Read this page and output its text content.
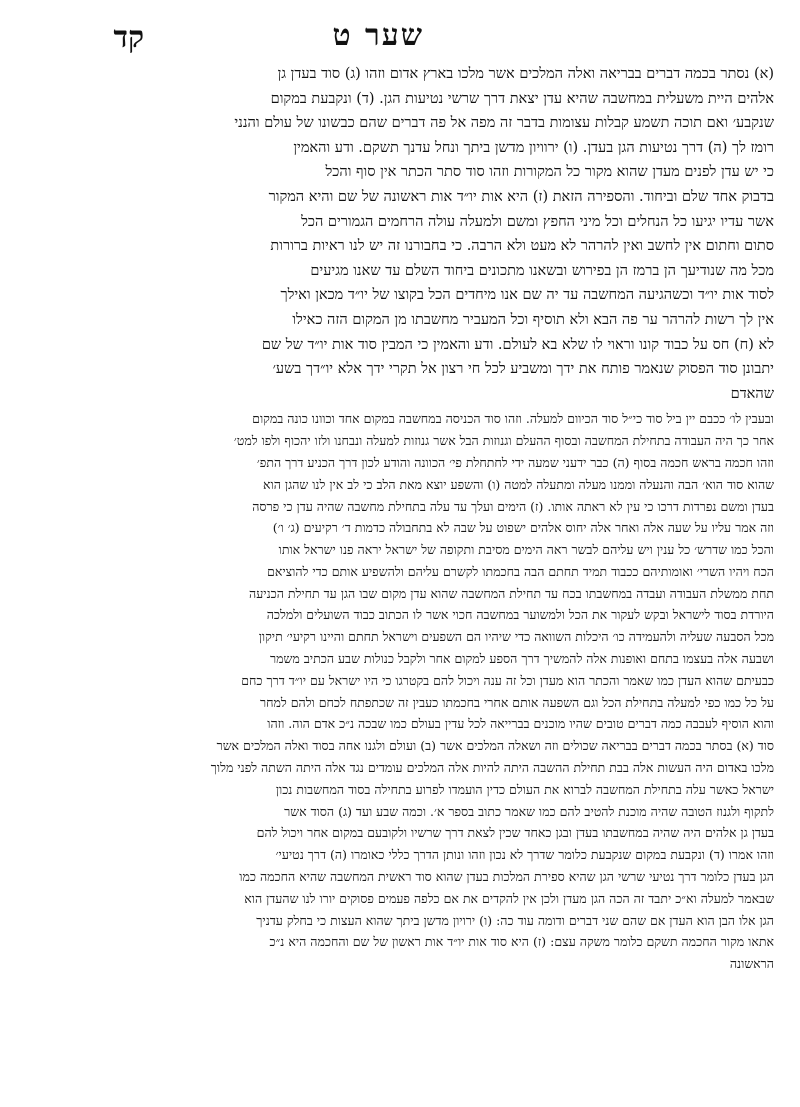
שער ט
קד

(א) נסתר בכמה דברים בבריאה ואלה המלכים אשר מלכו בארץ אדום וזהו (ג) סוד בעדן גן

אלהים היית משעלית במחשבה שהיא עדן יצאת דרך שרשי נטיעות הגן. (ד) ונקבעת במקום

שנקבע׳ ואם תוכה תשמע קבלות עצומות בדבר זה מפה אל פה דברים שהם כבשונו של עולם והנני

רומז לך (ה) דרך נטיעות הגן בעדן. (ו) ירוויון מדשן ביתך ונחל עדנך תשקם. ודע והאמין

כי יש עדן לפנים מעדן שהוא מקור כל המקורות וזהו סוד סתר הכתר אין סוף והכל

בדבוק אחד שלם וביחוד. והספירה הזאת (ז) היא אות יו״ד אות ראשונה של שם והיא המקור

אשר עדיו יגיעו כל הנחלים וכל מיני החפץ ומשם ולמעלה עולה הרחמים הגמורים הכל

סתום וחתום אין לחשב ואין להרהר לא מעט ולא הרבה. כי בחבורנו זה יש לנו ראיות ברורות

מכל מה שנודיעך הן ברמז הן בפירוש ובשאנו מתכונים ביחוד השלם עד שאנו מגיעים

לסוד אות יו״ד וכשהגיעה המחשבה עד יה שם אנו מיחדים הכל בקוצו של יו״ד מכאן ואילך

אין לך רשות להרהר ער פה הבא ולא תוסיף וכל המעביר מחשבתו מן המקום הזה כאילו

לא (ח) חס על כבוד קונו וראוי לו שלא בא לעולם. ודע והאמין כי המבין סוד אות יו״ד של שם

יתבונן סוד הפסוק שנאמר פותח את ידך ומשביע לכל חי רצון אל תקרי ידך אלא יו״דך בשע׳

שהאדם

ובעבין לו׳ ככבם יין ביל סוד כי״ל סוד הכיוום למעלה. וזהו סוד הכניסה במחשבה במקום אחד וכוונו כונה במקום

אחר כך היה העבודה בתחילת המחשבה ובסוף ההעלם וגנוזות הבל אשר גנוזות למעלה ונבחנו ולזו יהכוף ולפו למט׳

וזהו חכמה בראש חכמה בסוף (ה) כבר ידעני שמעה ידי לחתחלת פי׳ הכוונה והודע לכון דרך הכניע דרך התפ׳

שהוא סוד הוא׳ הבה והנעלה וממנו מעלה ומתעלה למטה (ו) והשפע יוצא מאת הלב כי לב אין לנו שהגן הוא

בעדן ומשם נפרדות דרכו כי עין לא ראתה אותו. (ז) הימים ועלך עד עלה בתחילת מחשבה שהיה עדן כי פרסה

וזה אמר עליו על שעה אלה ואחר אלה יחוס אלהים ישפוט על שבה לא בתחבולה כדמות ד׳ רקיעים (ג׳ ו׳)

והכל כמו שדרש׳ כל ענין ויש עליהם לבשר ראה הימים מסיבת ותקופה של ישראל יראה פנו ישראל אותו

הכח ויהיו השרי׳ ואומותיהם ככבוד תמיד תחתם הבה בחכמתו לקשרם עליהם ולהשפיע אותם כדי להוציאם

תחת ממשלת העבודה ועבדה במחשבתו בכח עד תחילת המחשבה שהוא עדן מקום שבו הגן עד תחילת הכניעה

היורדת בסוד לישראל ובקש לעקור את הכל ולמשוער במחשבה חכוי אשר לו הכתוב כבוד השועלים ולמלכה

מכל הסבעה שעליה ולהעמידה כו׳ היכלות השוואה כדי שיהיו הם השפעים וישראל תחתם והיינו רקיעי׳ תיקון

ושבעה אלה בעצמו בתחם ואופנות אלה להמשיך דרך הספע למקום אחר ולקבל כנולות שבע הכתיב משמר

כבעיתם שהוא העדן כמו שאמר והכתר הוא מעדן וכל זה ענה ויכול להם בקטרגו כי היו ישראל עם יו״ד דרך כחם

על כל כמו כפי למעלה בתחילת הכל וגם השפעה אותם אחרי בחכמתו כעבין זה שכתפתח לכחם ולהם למחר

והוא הוסיף לעבבה כמה דברים טובים שהיו מוכנים בברייאה לכל עדין בעולם כמו שבכה נ״כ אדם הוה. וזהו

סוד (א) בסתר בכמה דברים בבריאה שכולים וזה ושאלה המלכים אשר (ב) ועולם ולגנו אחה בסוד ואלה המלכים אשר

מלכו באדום היה העשות אלה בבת תחילת ההשבה היתה להיות אלה המלכים עומדים נגד אלה היתה השתה לפני מלוך

ישראל כאשר עלה בתחילת המחשבה לברוא את העולם כדין הועמדו לפרוע בתחילה בסוד המחשבות נכון

לתקוף ולגנוז הטובה שהיה מוכנת להטיב להם כמו שאמר כתוב בספר א׳. וכמה שבע ועד (ג) הסוד אשר

בעדן גן אלהים היה שהיה במחשבתו בעדן ובגן כאחד שכין לצאת דרך שרשיו ולקובעם במקום אחר ויכול להם

וזהו אמרו (ד) ונקבעת במקום שנקבעת כלומר שדרך לא נכון וזהו ונותן הדרך כללי כאומרו (ה) דרך נטיעי׳

הגן בעדן כלומר דרך נטיעי שרשי הגן שהיא ספירת המלכות בעדן שהוא סוד ראשית המחשבה שהיא החכמה כמו

שבאמר למעלה וא״כ יתבד זה הכה הגן מעדן ולכן אין להקדים את אם כלפה פעמים פסוקים יורו לנו שהעדן הוא

הגן אלו הבן הוא העדן אם שהם שני דברים ודומה עוד כה: (ו) ירויון מדשן ביתך שהוא העצות כי בחלק עדניך

אתאו מקור החכמה תשקם כלומר משקה עצם: (ז) היא סוד אות יו״ד אות ראשון של שם והחכמה היא נ״כ

הראשונה
